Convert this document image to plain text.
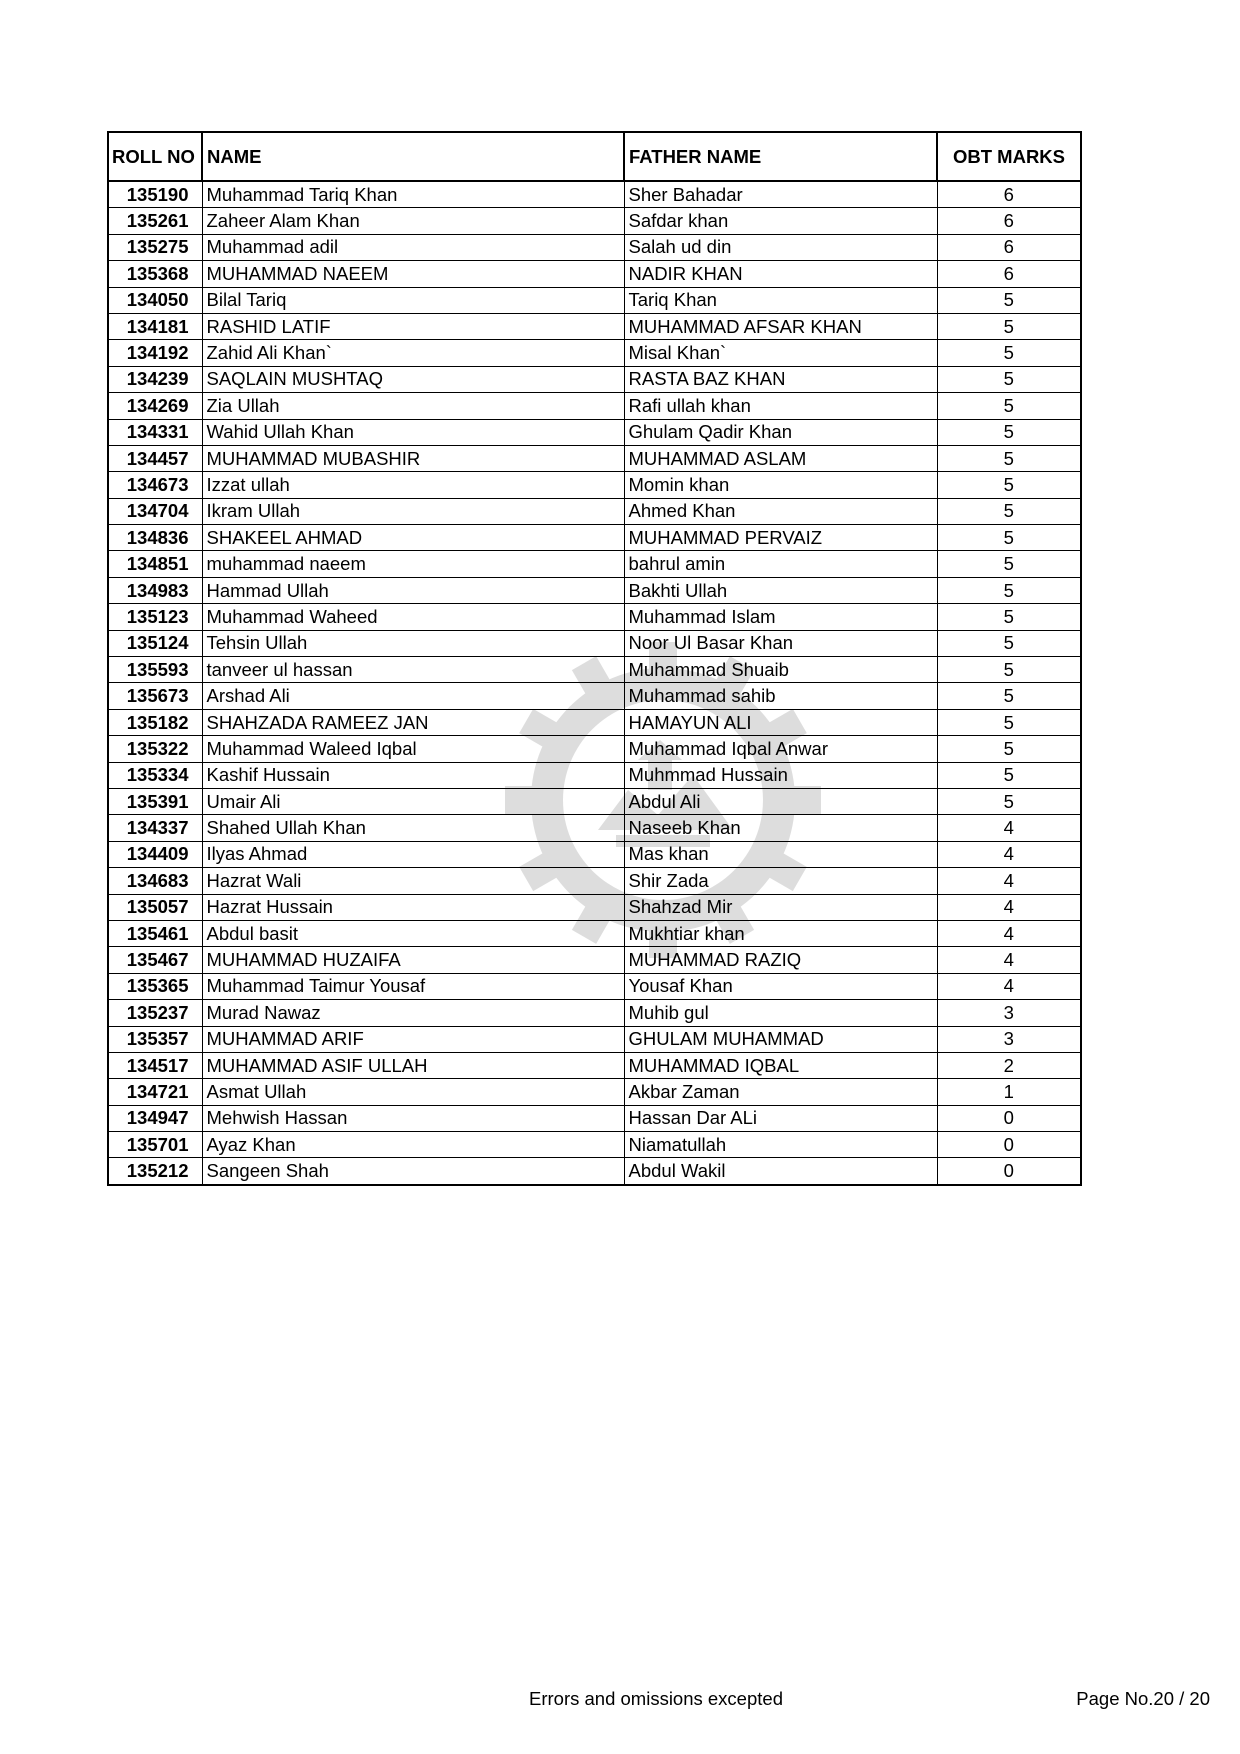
ROLL NO	NAME	FATHER NAME	OBT MARKS
135190	Muhammad Tariq Khan	Sher Bahadar	6
135261	Zaheer Alam Khan	Safdar khan	6
135275	Muhammad adil	Salah ud din	6
135368	MUHAMMAD NAEEM	NADIR KHAN	6
134050	Bilal Tariq	Tariq Khan	5
134181	RASHID LATIF	MUHAMMAD AFSAR KHAN	5
134192	Zahid Ali Khan`	Misal Khan`	5
134239	SAQLAIN MUSHTAQ	RASTA BAZ KHAN	5
134269	Zia Ullah	Rafi ullah khan	5
134331	Wahid Ullah Khan	Ghulam Qadir Khan	5
134457	MUHAMMAD MUBASHIR	MUHAMMAD ASLAM	5
134673	Izzat ullah	Momin khan	5
134704	Ikram Ullah	Ahmed Khan	5
134836	SHAKEEL AHMAD	MUHAMMAD PERVAIZ	5
134851	muhammad naeem	bahrul amin	5
134983	Hammad Ullah	Bakhti Ullah	5
135123	Muhammad Waheed	Muhammad Islam	5
135124	Tehsin Ullah	Noor Ul Basar Khan	5
135593	tanveer ul hassan	Muhammad Shuaib	5
135673	Arshad Ali	Muhammad sahib	5
135182	SHAHZADA RAMEEZ JAN	HAMAYUN ALI	5
135322	Muhammad Waleed Iqbal	Muhammad Iqbal Anwar	5
135334	Kashif Hussain	Muhmmad Hussain	5
135391	Umair Ali	Abdul Ali	5
134337	Shahed Ullah Khan	Naseeb Khan	4
134409	Ilyas Ahmad	Mas khan	4
134683	Hazrat Wali	Shir Zada	4
135057	Hazrat Hussain	Shahzad Mir	4
135461	Abdul basit	Mukhtiar khan	4
135467	MUHAMMAD HUZAIFA	MUHAMMAD RAZIQ	4
135365	Muhammad Taimur Yousaf	Yousaf Khan	4
135237	Murad Nawaz	Muhib gul	3
135357	MUHAMMAD ARIF	GHULAM MUHAMMAD	3
134517	MUHAMMAD ASIF ULLAH	MUHAMMAD IQBAL	2
134721	Asmat Ullah	Akbar Zaman	1
134947	Mehwish Hassan	Hassan Dar ALi	0
135701	Ayaz Khan	Niamatullah	0
135212	Sangeen Shah	Abdul Wakil	0
Errors and omissions excepted	Page No.20 / 20
